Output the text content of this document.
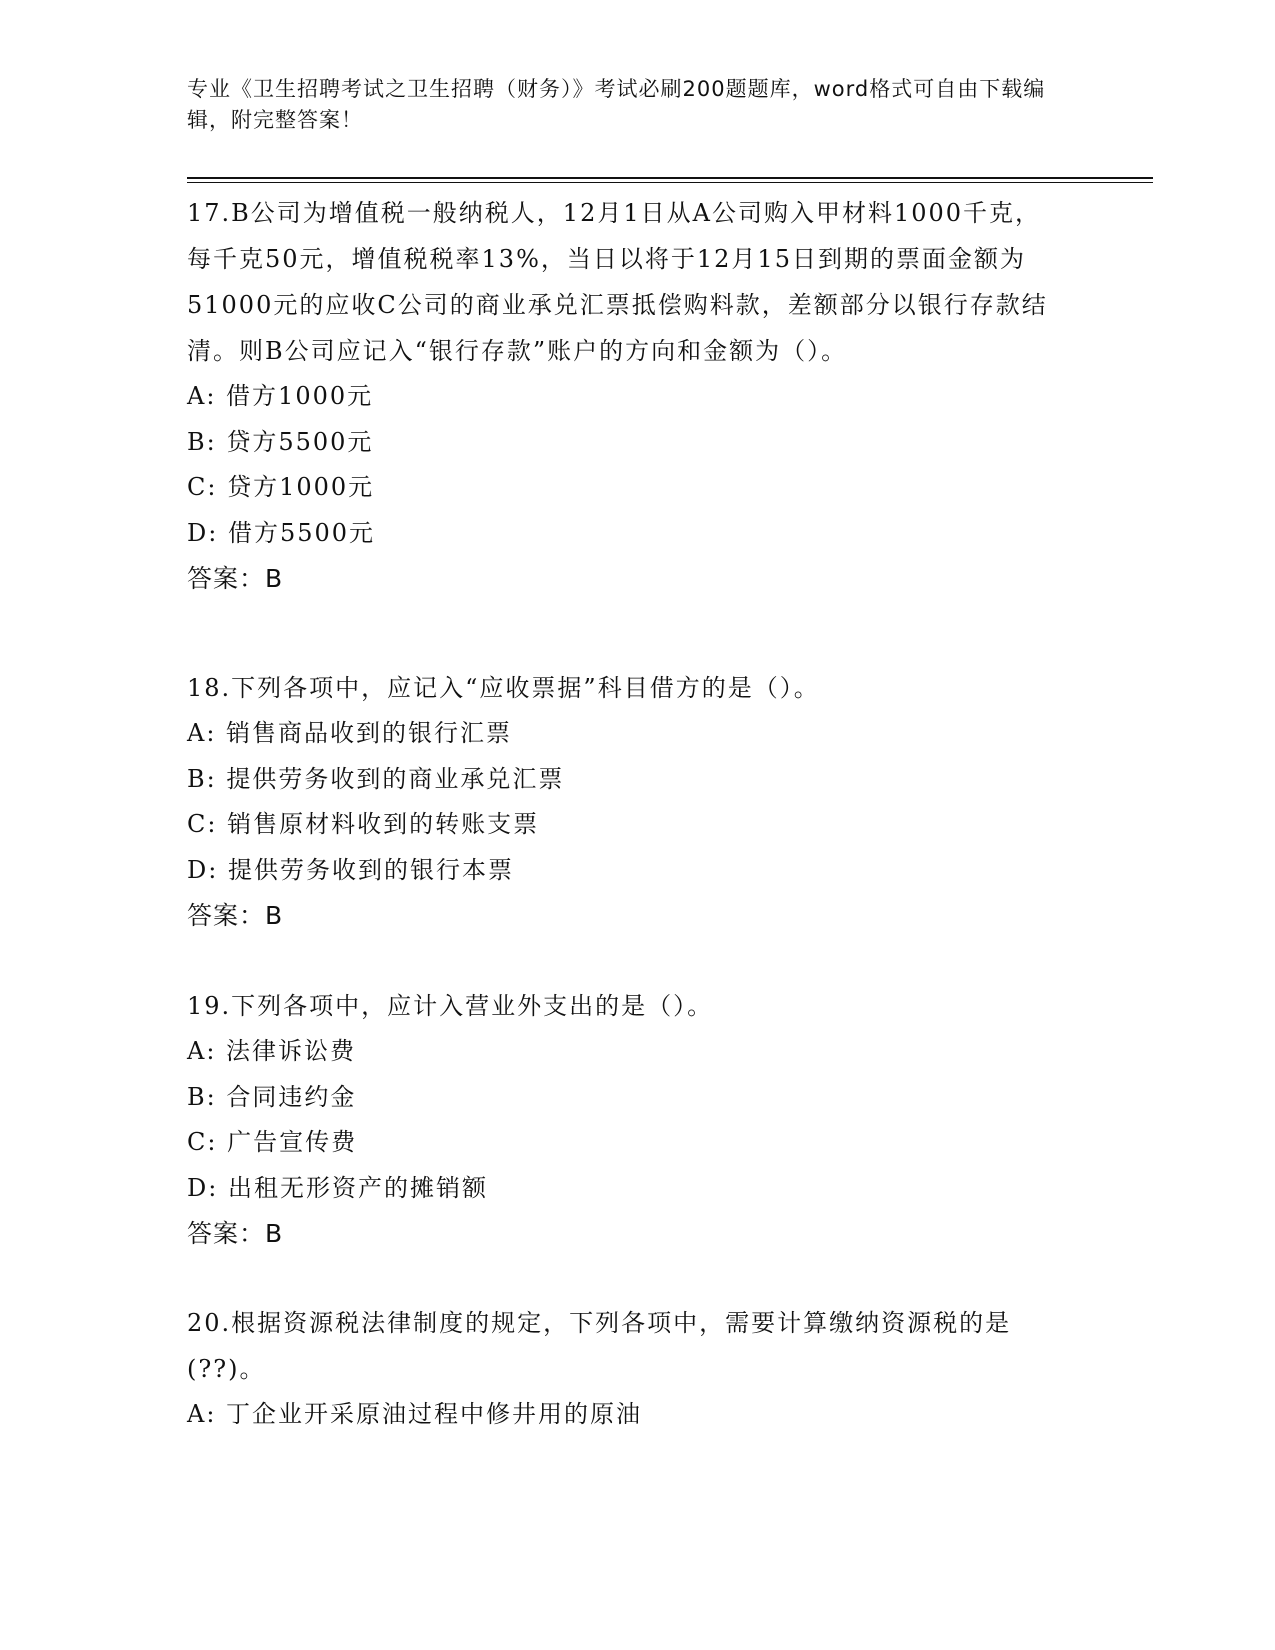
专业《卫生招聘考试之卫生招聘（财务）》考试必刷200题题库，word格式可自由下载编辑，附完整答案！

17.B公司为增值税一般纳税人，12月1日从A公司购入甲材料1000千克，每千克50元，增值税税率13%，当日以将于12月15日到期的票面金额为51000元的应收C公司的商业承兑汇票抵偿购料款，差额部分以银行存款结清。则B公司应记入“银行存款”账户的方向和金额为（）。

A: 借方1000元

B: 贷方5500元

C: 贷方1000元

D: 借方5500元

答案：B

18.下列各项中，应记入“应收票据”科目借方的是（）。

A: 销售商品收到的银行汇票

B: 提供劳务收到的商业承兑汇票

C: 销售原材料收到的转账支票

D: 提供劳务收到的银行本票

答案：B

19.下列各项中，应计入营业外支出的是（）。

A: 法律诉讼费

B: 合同违约金

C: 广告宣传费

D: 出租无形资产的摊销额

答案：B

20.根据资源税法律制度的规定，下列各项中，需要计算缴纳资源税的是(??)。

A: 丁企业开采原油过程中修井用的原油
